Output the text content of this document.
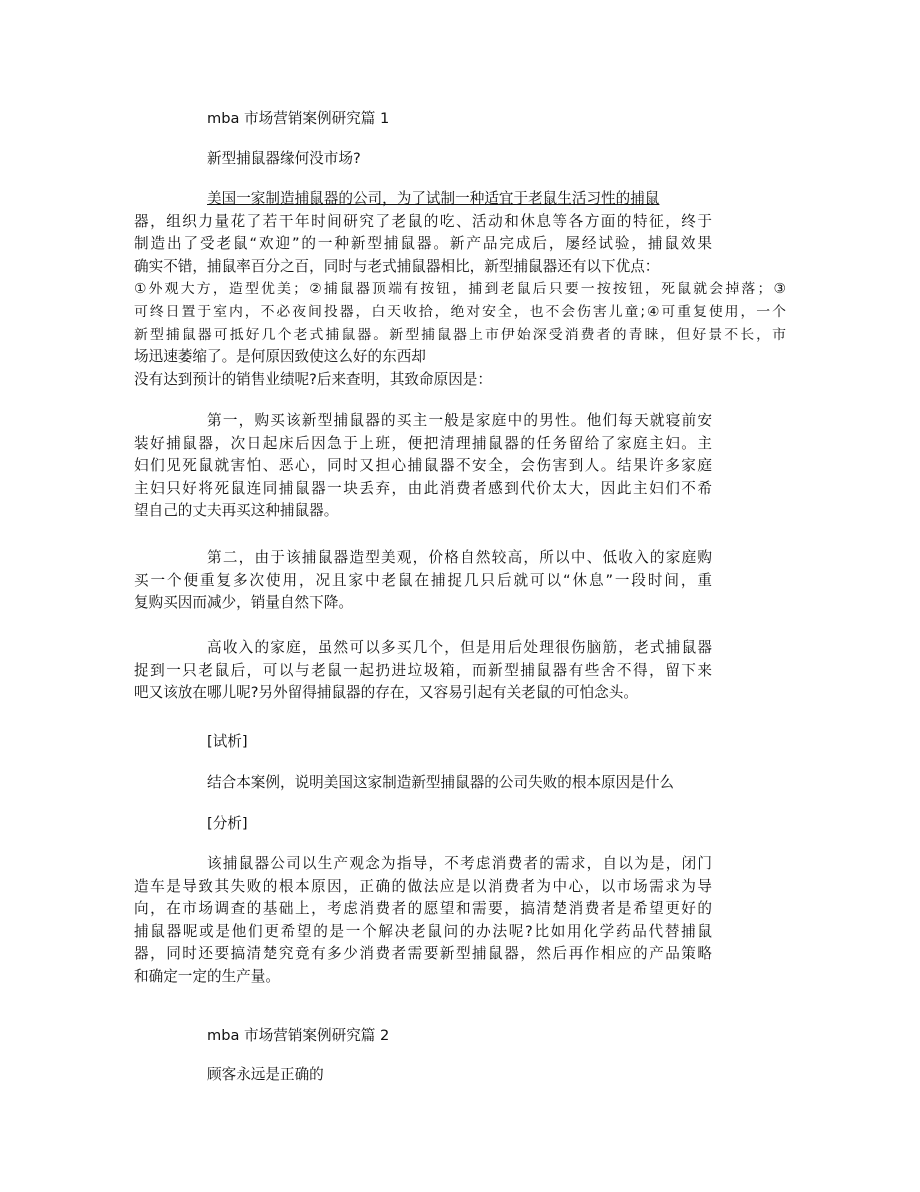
mba 市场营销案例研究篇 1

新型捕鼠器缘何没市场?

美国一家制造捕鼠器的公司，为了试制一种适宜于老鼠生活习性的捕鼠
器，组织力量花了若干年时间研究了老鼠的吃、活动和休息等各方面的特征，终于
制造出了受老鼠“欢迎”的一种新型捕鼠器。新产品完成后，屡经试验，捕鼠效果
确实不错，捕鼠率百分之百，同时与老式捕鼠器相比，新型捕鼠器还有以下优点：
①外观大方，造型优美；②捕鼠器顶端有按钮，捕到老鼠后只要一按按钮，死鼠就会掉落；③
可终日置于室内，不必夜间投器，白天收拾，绝对安全，也不会伤害儿童;④可重复使用，一个
新型捕鼠器可抵好几个老式捕鼠器。新型捕鼠器上市伊始深受消费者的青睐，但好景不长，市
场迅速萎缩了。是何原因致使这么好的东西却
没有达到预计的销售业绩呢?后来查明，其致命原因是：
第一，购买该新型捕鼠器的买主一般是家庭中的男性。他们每天就寝前安
装好捕鼠器，次日起床后因急于上班，便把清理捕鼠器的任务留给了家庭主妇。主
妇们见死鼠就害怕、恶心，同时又担心捕鼠器不安全，会伤害到人。结果许多家庭
主妇只好将死鼠连同捕鼠器一块丢弃，由此消费者感到代价太大，因此主妇们不希
望自己的丈夫再买这种捕鼠器。
第二，由于该捕鼠器造型美观，价格自然较高，所以中、低收入的家庭购
买一个便重复多次使用，况且家中老鼠在捕捉几只后就可以“休息”一段时间，重
复购买因而减少，销量自然下降。
高收入的家庭，虽然可以多买几个，但是用后处理很伤脑筋，老式捕鼠器
捉到一只老鼠后，可以与老鼠一起扔进垃圾箱，而新型捕鼠器有些舍不得，留下来
吧又该放在哪儿呢?另外留得捕鼠器的存在，又容易引起有关老鼠的可怕念头。

[试析]

结合本案例，说明美国这家制造新型捕鼠器的公司失败的根本原因是什么

[分析]

该捕鼠器公司以生产观念为指导，不考虑消费者的需求，自以为是，闭门
造车是导致其失败的根本原因，正确的做法应是以消费者为中心，以市场需求为导
向，在市场调查的基础上，考虑消费者的愿望和需要，搞清楚消费者是希望更好的
捕鼠器呢或是他们更希望的是一个解决老鼠问的办法呢?比如用化学药品代替捕鼠
器，同时还要搞清楚究竟有多少消费者需要新型捕鼠器，然后再作相应的产品策略
和确定一定的生产量。

mba 市场营销案例研究篇 2

顾客永远是正确的
